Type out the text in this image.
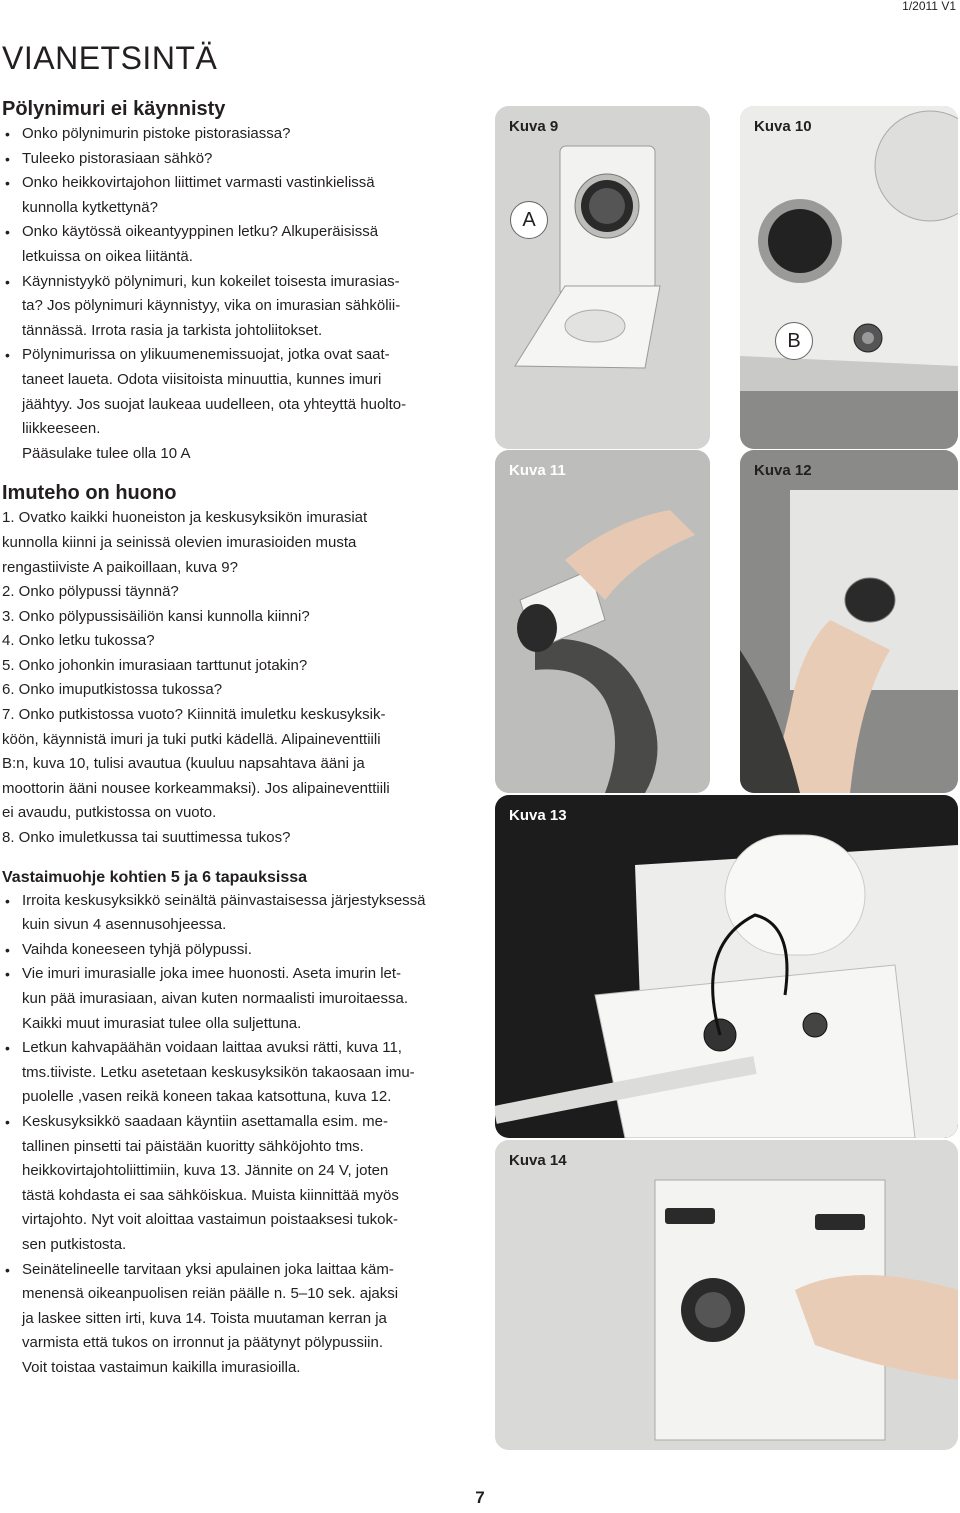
1/2011 V1
VIANETSINTÄ
Pölynimuri ei käynnisty
• Onko pölynimurin pistoke pistorasiassa?
• Tuleeko pistorasiaan sähkö?
• Onko heikkovirtajohon liittimet varmasti vastinkielissä
kunnolla kytkettynä?
• Onko käytössä oikeantyyppinen letku? Alkuperäisissä
letkuissa on oikea liitäntä.
• Käynnistyykö pölynimuri, kun kokeilet toisesta imurasias-
ta? Jos pölynimuri käynnistyy, vika on imurasian sähkölii-
tännässä. Irrota rasia ja tarkista johtoliitokset.
• Pölynimurissa on ylikuumenemissuojat, jotka ovat saat-
taneet laueta. Odota viisitoista minuuttia, kunnes imuri
jäähtyy. Jos suojat laukeaa uudelleen, ota yhteyttä huolto-
liikkeeseen.
Pääsulake tulee olla 10 A
Imuteho on huono
1. Ovatko kaikki huoneiston ja keskusyksikön imurasiat
kunnolla kiinni ja seinissä olevien imurasioiden musta
rengastiiviste A paikoillaan, kuva 9?
2. Onko pölypussi täynnä?
3. Onko pölypussisäiliön kansi kunnolla kiinni?
4. Onko letku tukossa?
5. Onko johonkin imurasiaan tarttunut jotakin?
6. Onko imuputkistossa tukossa?
7. Onko putkistossa vuoto? Kiinnitä imuletku keskusyksik-
köön, käynnistä imuri ja tuki putki kädellä. Alipaineventtiili
B:n, kuva 10, tulisi avautua (kuuluu napsahtava ääni ja
moottorin ääni nousee korkeammaksi). Jos alipaineventtiili
ei avaudu, putkistossa on vuoto.
8. Onko imuletkussa tai suuttimessa tukos?
Vastaimuohje kohtien 5 ja 6 tapauksissa
• Irroita keskusyksikkö seinältä päinvastaisessa järjestyksessä
kuin sivun 4 asennusohjeessa.
• Vaihda koneeseen tyhjä pölypussi.
• Vie imuri imurasialle joka imee huonosti. Aseta imurin let-
kun pää imurasiaan, aivan kuten normaalisti imuroitaessa.
Kaikki muut imurasiat tulee olla suljettuna.
• Letkun kahvapäähän voidaan laittaa avuksi rätti, kuva 11,
tms.tiiviste. Letku asetetaan keskusyksikön takaosaan imu-
puolelle ,vasen reikä koneen takaa katsottuna, kuva 12.
• Keskusyksikkö saadaan käyntiin asettamalla esim. me-
tallinen pinsetti tai päistään kuoritty sähköjohto tms.
heikkovirtajohtoliittimiin, kuva 13. Jännite on 24 V, joten
tästä kohdasta ei saa sähköiskua. Muista kiinnittää myös
virtajohto. Nyt voit aloittaa vastaimun poistaaksesi tukok-
sen putkistosta.
• Seinätelineelle tarvitaan yksi apulainen joka laittaa käm-
menensä oikeanpuolisen reiän päälle n. 5–10 sek. ajaksi
ja laskee sitten irti, kuva 14. Toista muutaman kerran ja
varmista että tukos on irronnut ja päätynyt pölypussiin.
Voit toistaa vastaimun kaikilla imurasioilla.
Kuva 9
A
Kuva 10
B
Kuva 11	Kuva 12
Kuva 13
Kuva 14
7
